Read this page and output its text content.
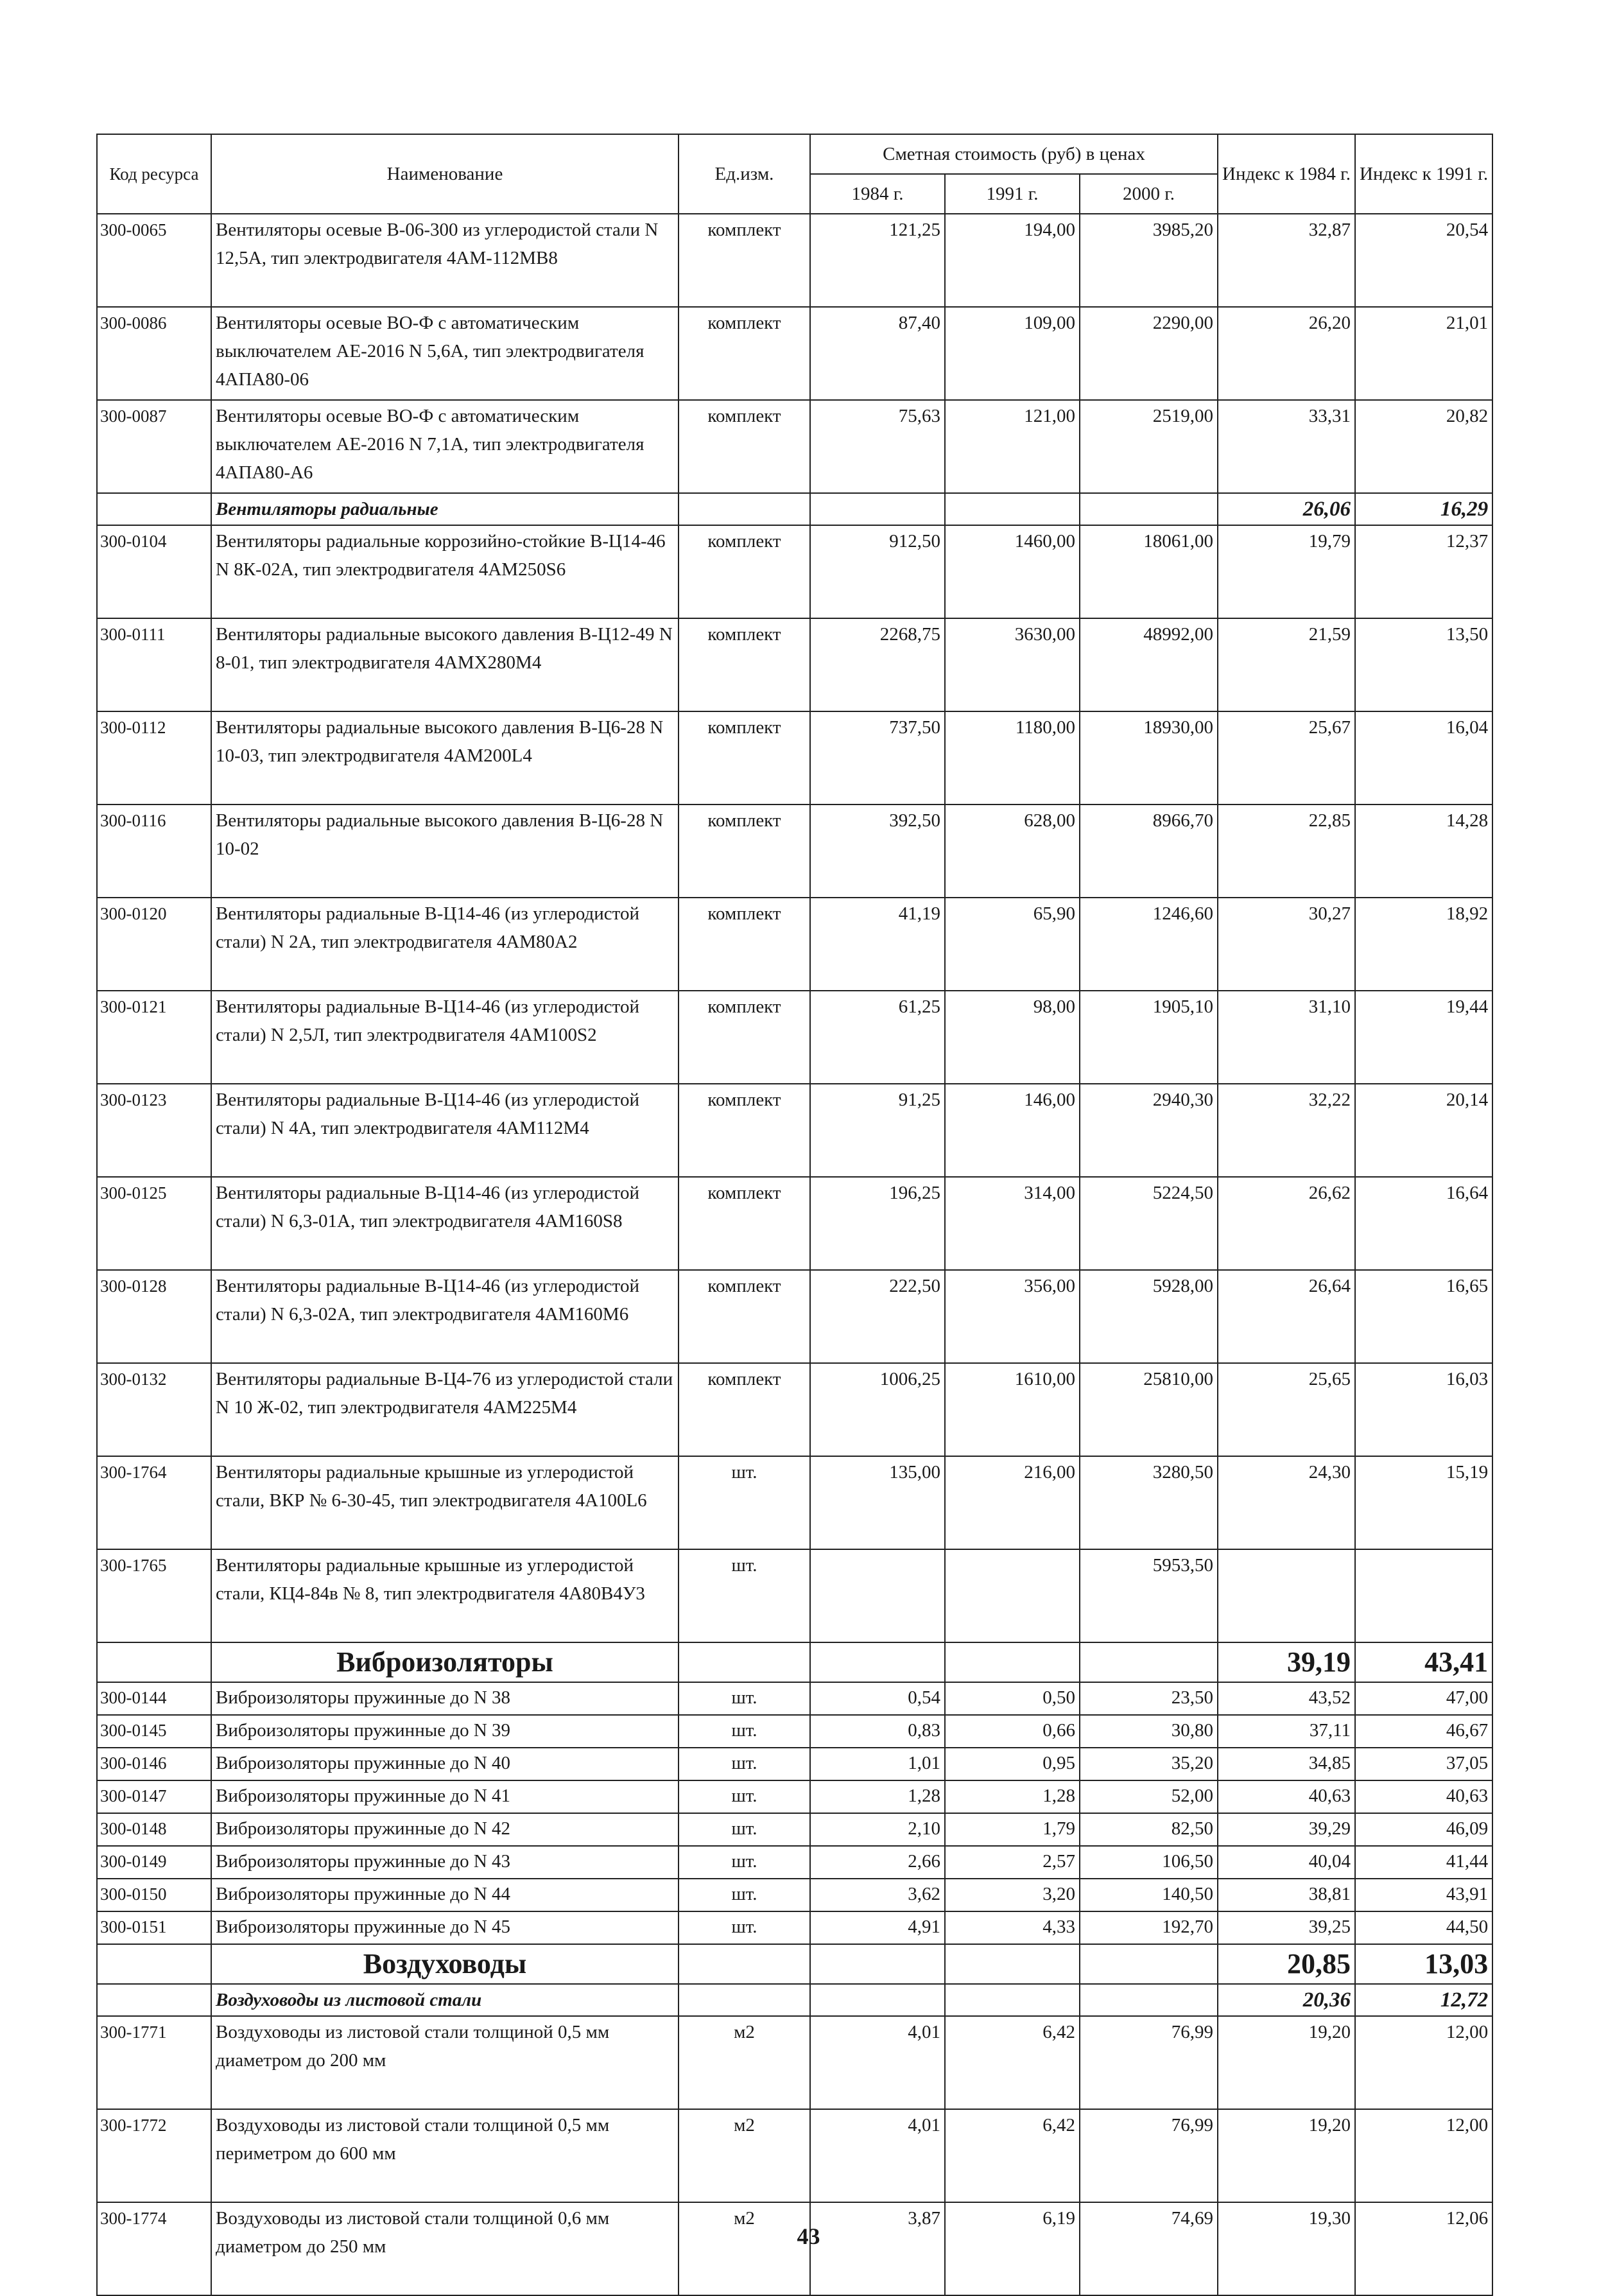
Код ресурса	Наименование	Ед.изм.	Сметная стоимость (руб) в ценах			Индекс к 1984 г.	Индекс к 1991 г.
			1984 г.	1991 г.	2000 г.		
300-0065	Вентиляторы осевые В-06-300 из углеродистой стали N 12,5А, тип электродвигателя 4АМ-112МВ8	комплект	121,25	194,00	3985,20	32,87	20,54
300-0086	Вентиляторы осевые ВО-Ф с автоматическим выключателем АЕ-2016 N 5,6А, тип электродвигателя 4АПА80-06	комплект	87,40	109,00	2290,00	26,20	21,01
300-0087	Вентиляторы осевые ВО-Ф с автоматическим выключателем АЕ-2016 N 7,1А, тип электродвигателя 4АПА80-А6	комплект	75,63	121,00	2519,00	33,31	20,82
	Вентиляторы радиальные					26,06	16,29
300-0104	Вентиляторы радиальные коррозийно-стойкие В-Ц14-46 N 8К-02А, тип электродвигателя 4АМ250S6	комплект	912,50	1460,00	18061,00	19,79	12,37
300-0111	Вентиляторы радиальные высокого давления В-Ц12-49 N 8-01, тип электродвигателя 4АМХ280М4	комплект	2268,75	3630,00	48992,00	21,59	13,50
300-0112	Вентиляторы радиальные высокого давления В-Ц6-28 N 10-03, тип электродвигателя 4АМ200L4	комплект	737,50	1180,00	18930,00	25,67	16,04
300-0116	Вентиляторы радиальные высокого давления В-Ц6-28 N 10-02	комплект	392,50	628,00	8966,70	22,85	14,28
300-0120	Вентиляторы радиальные В-Ц14-46 (из углеродистой стали) N 2А, тип электродвигателя 4АМ80А2	комплект	41,19	65,90	1246,60	30,27	18,92
300-0121	Вентиляторы радиальные В-Ц14-46 (из углеродистой стали) N 2,5Л, тип электродвигателя 4АМ100S2	комплект	61,25	98,00	1905,10	31,10	19,44
300-0123	Вентиляторы радиальные В-Ц14-46 (из углеродистой стали) N 4А, тип электродвигателя 4АМ112М4	комплект	91,25	146,00	2940,30	32,22	20,14
300-0125	Вентиляторы радиальные В-Ц14-46 (из углеродистой стали) N 6,3-01А, тип электродвигателя 4АМ160S8	комплект	196,25	314,00	5224,50	26,62	16,64
300-0128	Вентиляторы радиальные В-Ц14-46 (из углеродистой стали) N 6,3-02А, тип электродвигателя 4АМ160М6	комплект	222,50	356,00	5928,00	26,64	16,65
300-0132	Вентиляторы радиальные В-Ц4-76 из углеродистой стали N 10 Ж-02, тип электродвигателя 4АМ225М4	комплект	1006,25	1610,00	25810,00	25,65	16,03
300-1764	Вентиляторы радиальные крышные из углеродистой стали, ВКР № 6-30-45, тип электродвигателя 4А100L6	шт.	135,00	216,00	3280,50	24,30	15,19
300-1765	Вентиляторы радиальные крышные из углеродистой стали, КЦ4-84в № 8, тип электродвигателя 4А80В4У3	шт.			5953,50		
	Виброизоляторы					39,19	43,41
300-0144	Виброизоляторы пружинные до N 38	шт.	0,54	0,50	23,50	43,52	47,00
300-0145	Виброизоляторы пружинные до N 39	шт.	0,83	0,66	30,80	37,11	46,67
300-0146	Виброизоляторы пружинные до N 40	шт.	1,01	0,95	35,20	34,85	37,05
300-0147	Виброизоляторы пружинные до N 41	шт.	1,28	1,28	52,00	40,63	40,63
300-0148	Виброизоляторы пружинные до N 42	шт.	2,10	1,79	82,50	39,29	46,09
300-0149	Виброизоляторы пружинные до N 43	шт.	2,66	2,57	106,50	40,04	41,44
300-0150	Виброизоляторы пружинные до N 44	шт.	3,62	3,20	140,50	38,81	43,91
300-0151	Виброизоляторы пружинные до N 45	шт.	4,91	4,33	192,70	39,25	44,50
	Воздуховоды					20,85	13,03
	Воздуховоды из листовой стали					20,36	12,72
300-1771	Воздуховоды из листовой стали толщиной 0,5 мм диаметром до 200 мм	м2	4,01	6,42	76,99	19,20	12,00
300-1772	Воздуховоды из листовой стали толщиной 0,5 мм периметром до 600 мм	м2	4,01	6,42	76,99	19,20	12,00
300-1774	Воздуховоды из листовой стали толщиной 0,6 мм диаметром до 250 мм	м2	3,87	6,19	74,69	19,30	12,06
43
